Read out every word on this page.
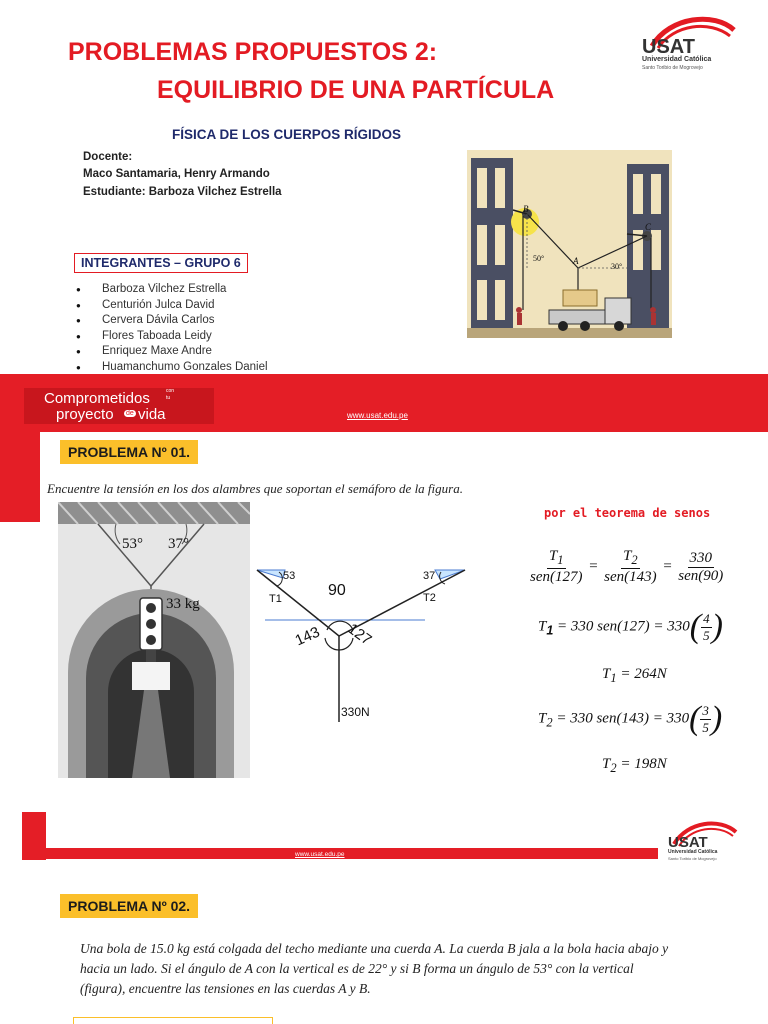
PROBLEMAS PROPUESTOS 2:
EQUILIBRIO DE UNA PARTÍCULA
USAT
Universidad Católica
Santo Toribio de Mogrovejo
FÍSICA DE LOS CUERPOS RÍGIDOS
Docente:
Maco Santamaria, Henry Armando
Estudiante: Barboza Vilchez Estrella
INTEGRANTES – GRUPO 6
● Barboza Vilchez Estrella
● Centurión Julca David
● Cervera Dávila Carlos
● Flores Taboada Leidy
● Enriquez Maxe Andre
● Huamanchumo Gonzales Daniel
B
C
A
50°
30°
Comprometidos	con
tu
proyecto de vida	www.usat.edu.pe
PROBLEMA Nº 01.
Encuentre la tensión en los dos alambres que soportan el semáforo de la figura.
53° 37°
33 kg
53	37
90
T1	T2
143 127
330N
por el teorema de senos
$\frac{T_1}{\text{sen(127)}} = \frac{T_2}{\text{sen(143)}} = \frac{330}{\text{sen(90)}}$
$T_1 = 330$ $sen(127) = 330( \frac{4}{5}$ )
$T_1 = 264N$
$T_2 = 330$ $sen(143) = 330( \frac{3}{5}$ )
$T_2 = 198N$
www.usat.edu.pe
USAT
Universidad Católica
Santo Toribio de Mogrovejo
PROBLEMA Nº 02.
Una bola de 15.0 kg está colgada del techo mediante una cuerda A. La cuerda B jala a la bola hacia abajo y hacia un lado. Si el ángulo de A con la vertical es de 22° y si B forma un ángulo de 53° con la vertical (figura), encuentre las tensiones en las cuerdas A y B.
